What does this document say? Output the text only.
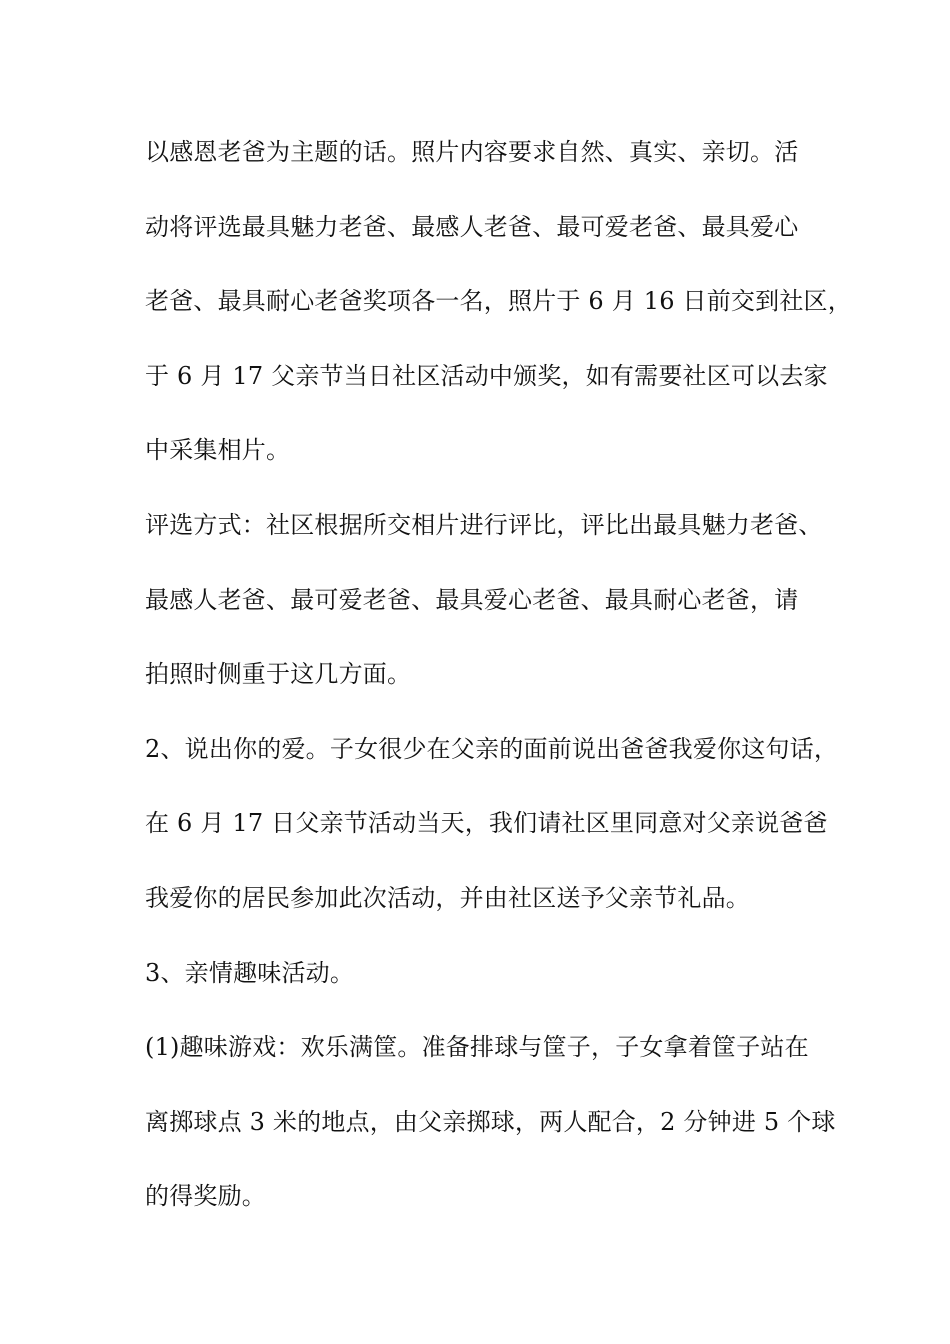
以感恩老爸为主题的话。照片内容要求自然、真实、亲切。活
动将评选最具魅力老爸、最感人老爸、最可爱老爸、最具爱心
老爸、最具耐心老爸奖项各一名，照片于 6 月 16 日前交到社区，
于 6 月 17 父亲节当日社区活动中颁奖，如有需要社区可以去家
中采集相片。
评选方式：社区根据所交相片进行评比，评比出最具魅力老爸、
最感人老爸、最可爱老爸、最具爱心老爸、最具耐心老爸，请
拍照时侧重于这几方面。
2、说出你的爱。子女很少在父亲的面前说出爸爸我爱你这句话，
在 6 月 17 日父亲节活动当天，我们请社区里同意对父亲说爸爸
我爱你的居民参加此次活动，并由社区送予父亲节礼品。
3、亲情趣味活动。
(1)趣味游戏：欢乐满筐。准备排球与筐子，子女拿着筐子站在
离掷球点 3 米的地点，由父亲掷球，两人配合，2 分钟进 5 个球
的得奖励。
